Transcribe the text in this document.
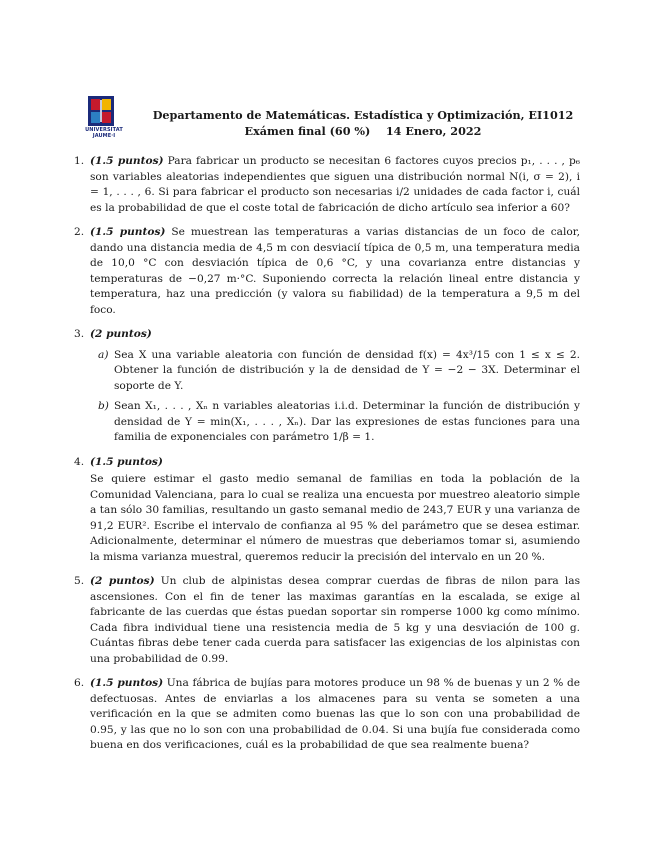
UNIVERSITAT
JAUME·I
Departamento de Matemáticas. Estadística y Optimización, EI1012
Exámen final (60 %)    14 Enero, 2022
1. (1.5 puntos) Para fabricar un producto se necesitan 6 factores cuyos precios p₁, . . . , p₆ son variables aleatorias independientes que siguen una distribución normal N(i, σ = 2), i = 1, . . . , 6. Si para fabricar el producto son necesarias i/2 unidades de cada factor i, cuál es la probabilidad de que el coste total de fabricación de dicho artículo sea inferior a 60?
2. (1.5 puntos) Se muestrean las temperaturas a varias distancias de un foco de calor, dando una distancia media de 4,5 m con desviacií típica de 0,5 m, una temperatura media de 10,0 °C con desviación típica de 0,6 °C, y una covarianza entre distancias y temperaturas de −0,27 m·°C. Suponiendo correcta la relación lineal entre distancia y temperatura, haz una predicción (y valora su fiabilidad) de la temperatura a 9,5 m del foco.
3. (2 puntos)
a) Sea X una variable aleatoria con función de densidad f(x) = 4x³/15 con 1 ≤ x ≤ 2. Obtener la función de distribución y la de densidad de Y = −2 − 3X. Determinar el soporte de Y.
b) Sean X₁, . . . , Xₙ n variables aleatorias i.i.d. Determinar la función de distribución y densidad de Y = min(X₁, . . . , Xₙ). Dar las expresiones de estas funciones para una familia de exponenciales con parámetro 1/β = 1.
4. (1.5 puntos)
Se quiere estimar el gasto medio semanal de familias en toda la población de la Comunidad Valenciana, para lo cual se realiza una encuesta por muestreo aleatorio simple a tan sólo 30 familias, resultando un gasto semanal medio de 243,7 EUR y una varianza de 91,2 EUR². Escribe el intervalo de confianza al 95 % del parámetro que se desea estimar. Adicionalmente, determinar el número de muestras que deberiamos tomar si, asumiendo la misma varianza muestral, queremos reducir la precisión del intervalo en un 20 %.
5. (2 puntos) Un club de alpinistas desea comprar cuerdas de fibras de nilon para las ascensiones. Con el fin de tener las maximas garantías en la escalada, se exige al fabricante de las cuerdas que éstas puedan soportar sin romperse 1000 kg como mínimo. Cada fibra individual tiene una resistencia media de 5 kg y una desviación de 100 g. Cuántas fibras debe tener cada cuerda para satisfacer las exigencias de los alpinistas con una probabilidad de 0.99.
6. (1.5 puntos) Una fábrica de bujías para motores produce un 98 % de buenas y un 2 % de defectuosas. Antes de enviarlas a los almacenes para su venta se someten a una verificación en la que se admiten como buenas las que lo son con una probabilidad de 0.95, y las que no lo son con una probabilidad de 0.04. Si una bujía fue considerada como buena en dos verificaciones, cuál es la probabilidad de que sea realmente buena?
